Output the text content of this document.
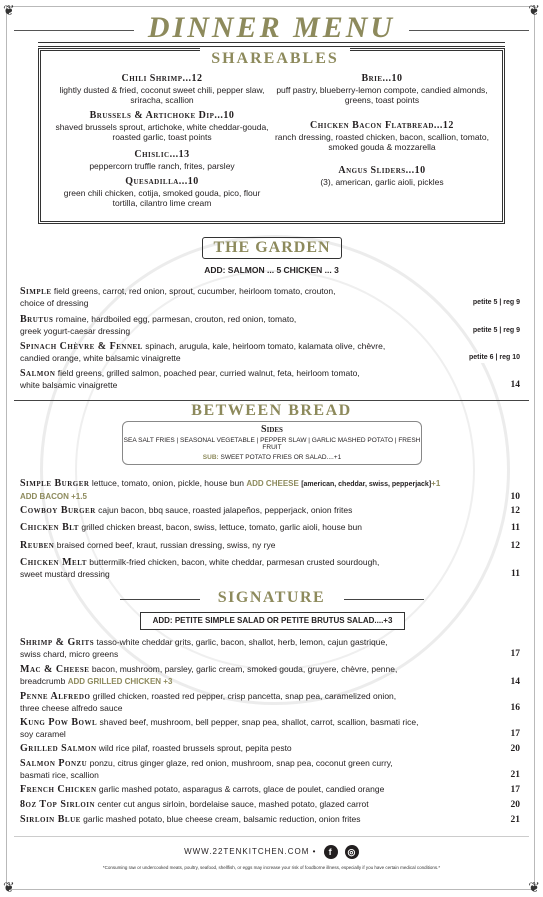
❦	❦
❦	❦
DINNER MENU
SHAREABLES
Chili Shrimp...12
lightly dusted & fried, coconut sweet chili, pepper slaw, sriracha, scallion
Brussels & Artichoke Dip...10
shaved brussels sprout, artichoke, white cheddar-gouda, roasted garlic, toast points
Chislic...13
peppercorn truffle ranch, frites, parsley
Quesadilla...10
green chili chicken, cotija, smoked gouda, pico, flour tortilla, cilantro lime cream
Brie...10
puff pastry, blueberry-lemon compote, candied almonds, greens, toast points
Chicken Bacon Flatbread...12
ranch dressing, roasted chicken, bacon, scallion, tomato, smoked gouda & mozzarella
Angus Sliders...10
(3), american, garlic aioli, pickles
THE GARDEN
ADD: SALMON ... 5 CHICKEN ... 3
Simple field greens, carrot, red onion, sprout, cucumber, heirloom tomato, crouton,
choice of dressing	petite 5 | reg 9
Brutus romaine, hardboiled egg, parmesan, crouton, red onion, tomato,
greek yogurt-caesar dressing	petite 5 | reg 9
Spinach Chèvre & Fennel spinach, arugula, kale, heirloom tomato, kalamata olive, chèvre,
candied orange, white balsamic vinaigrette	petite 6 | reg 10
Salmon field greens, grilled salmon, poached pear, curried walnut, feta, heirloom tomato,
white balsamic vinaigrette	14
BETWEEN BREAD
Sides
SEA SALT FRIES | SEASONAL VEGETABLE | PEPPER SLAW | GARLIC MASHED POTATO | FRESH FRUIT
SUB: SWEET POTATO FRIES OR SALAD....+1
Simple Burger lettuce, tomato, onion, pickle, house bun ADD CHEESE [american, cheddar, swiss, pepperjack]+1
ADD BACON +1.5	10
Cowboy Burger cajun bacon, bbq sauce, roasted jalapeños, pepperjack, onion frites	12
Chicken Blt grilled chicken breast, bacon, swiss, lettuce, tomato, garlic aioli, house bun	11
Reuben braised corned beef, kraut, russian dressing, swiss, ny rye	12
Chicken Melt buttermilk-fried chicken, bacon, white cheddar, parmesan crusted sourdough,
sweet mustard dressing	11
SIGNATURE
ADD: PETITE SIMPLE SALAD OR PETITE BRUTUS SALAD....+3
Shrimp & Grits tasso-white cheddar grits, garlic, bacon, shallot, herb, lemon, cajun gastrique,
swiss chard, micro greens	17
Mac & Cheese bacon, mushroom, parsley, garlic cream, smoked gouda, gruyere, chèvre, penne,
breadcrumb ADD GRILLED CHICKEN +3	14
Penne Alfredo grilled chicken, roasted red pepper, crisp pancetta, snap pea, caramelized onion,
three cheese alfredo sauce	16
Kung Pow Bowl shaved beef, mushroom, bell pepper, snap pea, shallot, carrot, scallion, basmati rice,
soy caramel	17
Grilled Salmon wild rice pilaf, roasted brussels sprout, pepita pesto	20
Salmon Ponzu ponzu, citrus ginger glaze, red onion, mushroom, snap pea, coconut green curry,
basmati rice, scallion	21
French Chicken garlic mashed potato, asparagus & carrots, glace de poulet, candied orange	17
8oz Top Sirloin center cut angus sirloin, bordelaise sauce, mashed potato, glazed carrot	20
Sirloin Blue garlic mashed potato, blue cheese cream, balsamic reduction, onion frites	21
WWW.22TENKITCHEN.COM • f ◎
*Consuming raw or undercooked meats, poultry, seafood, shellfish, or eggs may increase your risk of foodborne illness, especially if you have certain medical conditions.*
